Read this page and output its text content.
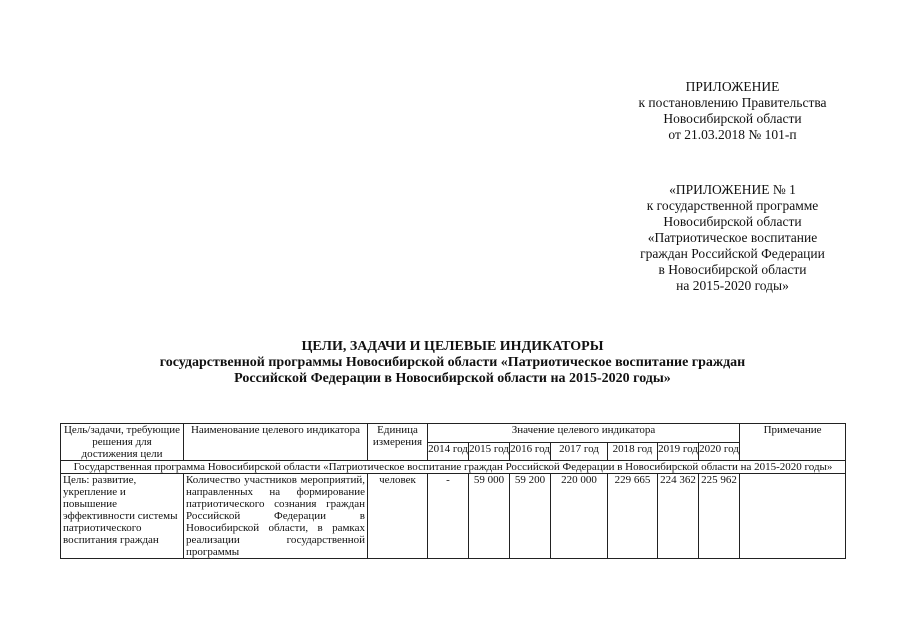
ПРИЛОЖЕНИЕ
к постановлению Правительства
Новосибирской области
от 21.03.2018 № 101-п
«ПРИЛОЖЕНИЕ № 1
к государственной программе
Новосибирской области
«Патриотическое воспитание
граждан Российской Федерации
в Новосибирской области
на 2015-2020 годы»
ЦЕЛИ, ЗАДАЧИ И ЦЕЛЕВЫЕ ИНДИКАТОРЫ
государственной программы Новосибирской области «Патриотическое воспитание граждан
Российской Федерации в Новосибирской области на 2015-2020 годы»
Цель/задачи, требующие решения для достижения цели	Наименование целевого индикатора	Единица измерения	Значение целевого индикатора							Примечание
			2014 год	2015 год	2016 год	2017 год	2018 год	2019 год	2020 год	
Государственная программа Новосибирской области «Патриотическое воспитание граждан Российской Федерации в Новосибирской области на 2015-2020 годы»										
Цель: развитие, укрепление и повышение эффективности системы патриотического воспитания граждан	Количество участников мероприятий, направленных на формирование патриотического сознания граждан Российской Федерации в Новосибирской области, в рамках реализации государственной программы	человек	-	59 000	59 200	220 000	229 665	224 362	225 962	
